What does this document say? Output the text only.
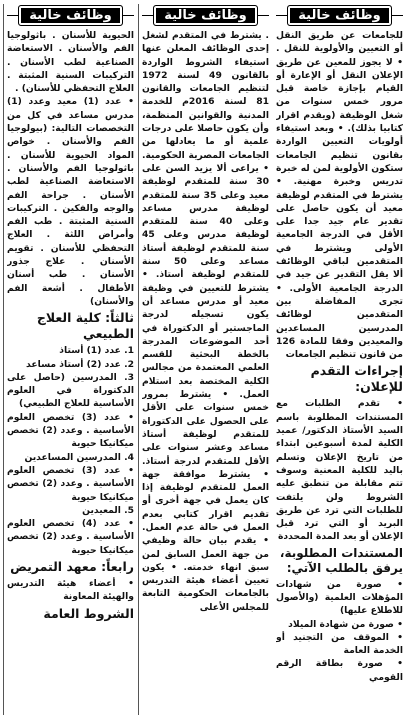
وظائف خالية

الحيوية للأسنان . باثولوجيا الفم والأسنان . الاستعاضة الصناعية لطب الأسنان . التركيبات السنية المثبتة . العلاج التحفظي للأسنان) .

• عدد (1) معيد وعدد (1) مدرس مساعد في كل من التخصصات التالية: (بيولوجيا الفم والأسنان . خواص المواد الحيوية للأسنان . باثولوجيا الفم والأسنان . الاستعاضة الصناعية لطب الأسنان . جراحة الفم والوجه والفكين . التركيبات السنية المثبتة . طب الفم وأمراض اللثة . العلاج التحفظي للأسنان . تقويم الأسنان . علاج جذور الأسنان . طب أسنان الأطفال . أشعة الفم والأسنان)

ثالثاً: كلية العلاج الطبيعي

1. عدد (1) أستاذ

2. عدد (2) أستاذ مساعد

3. المدرسين (حاصل على الدكتوراة في العلوم الأساسية للعلاج الطبيعي)

• عدد (3) تخصص العلوم الأساسية . وعدد (2) تخصص ميكانيكا حيوية

4. المدرسين المساعدين

• عدد (3) تخصص العلوم الأساسية . وعدد (2) تخصص ميكانيكا حيوية

5. المعيدين

• عدد (4) تخصص العلوم الأساسية . وعدد (2) تخصص ميكانيكا حيوية

رابعاً: معهد التمريض

• أعضاء هيئة التدريس والهيئة المعاونة

الشروط العامة
وظائف خالية

. يشترط في المتقدم لشغل إحدى الوظائف المعلن عنها استيفاء الشروط الواردة بالقانون 49 لسنة 1972 لتنظيم الجامعات والقانون 81 لسنة 2016م للخدمة المدنية والقوانين المنظمة، وأن يكون حاصلا على درجات علمية أو ما يعادلها من الجامعات المصرية الحكومية. • يراعى ألا يزيد السن على 30 سنة للمتقدم لوظيفة معيد وعلى 35 سنة للمتقدم لوظيفة مدرس مساعد وعلى 40 سنة للمتقدم لوظيفة مدرس وعلى 45 سنة للمتقدم لوظيفة أستاذ مساعد وعلى 50 سنة للمتقدم لوظيفة أستاذ. • يشترط للتعيين في وظيفة معيد أو مدرس مساعد أن يكون تسجيله لدرجة الماجستير أو الدكتوراة في أحد الموضوعات المدرجة بالخطة البحثية للقسم العلمي المعتمدة من مجالس الكلية المختصة بعد استلام العمل. • يشترط بمرور خمس سنوات على الأقل على الحصول على الدكتوراة للمتقدم لوظيفة أستاذ مساعد وعشر سنوات على الأقل للمتقدم لدرجة أستاذ. • يشترط موافقة جهة العمل للمتقدم لوظيفة إذا كان يعمل في جهة أخرى أو تقديم اقرار كتابي بعدم العمل في حالة عدم العمل. • يقدم بيان حالة وظيفي من جهة العمل السابق لمن سبق انهاء خدمته. • يكون تعيين أعضاء هيئة التدريس بالجامعات الحكومية التابعة للمجلس الأعلى

وظائف خالية

للجامعات عن طريق النقل أو التعيين والأولوية للنقل . • لا يجوز للمعين عن طريق الإعلان النقل أو الإعارة أو القيام بإجازة خاصة قبل مرور خمس سنوات من شغل الوظيفة (ويقدم اقرار كتابيا بذلك). • وبعد استيفاء أولويات التعيين الواردة بقانون تنظيم الجامعات ستكون الأولوية لمن له خبرة تدريس وخبرة مهنية. • يشترط في المتقدم لوظيفة معيد أن يكون حاصل على تقدير عام جيد جدا على الأقل في الدرجة الجامعية الأولى ويشترط في المتقدمين لباقي الوظائف ألا يقل التقدير عن جيد في الدرجة الجامعية الأولى. • تجرى المفاضلة بين المتقدمين لوظائف المدرسين المساعدين والمعيدين وفقا للمادة 126 من قانون تنظيم الجامعات

إجراءات التقدم للإعلان:

• تقدم الطلبات مع المستندات المطلوبة باسم السيد الأستاذ الدكتور/ عميد الكلية لمدة أسبوعين ابتداء من تاريخ الإعلان وتسلم باليد للكلية المعنية وسوف تتم مقابلة من تنطبق عليه الشروط ولن يلتفت للطلبات التي ترد عن طريق البريد أو التي ترد قبل الإعلان أو بعد المدة المحددة

المستندات المطلوبة، يرفق بالطلب الآتي:

• صورة من شهادات المؤهلات العلمية (والأصول للاطلاع عليها)

• صورة من شهادة الميلاد

• الموقف من التجنيد أو الخدمة العامة

• صورة بطاقة الرقم القومي
